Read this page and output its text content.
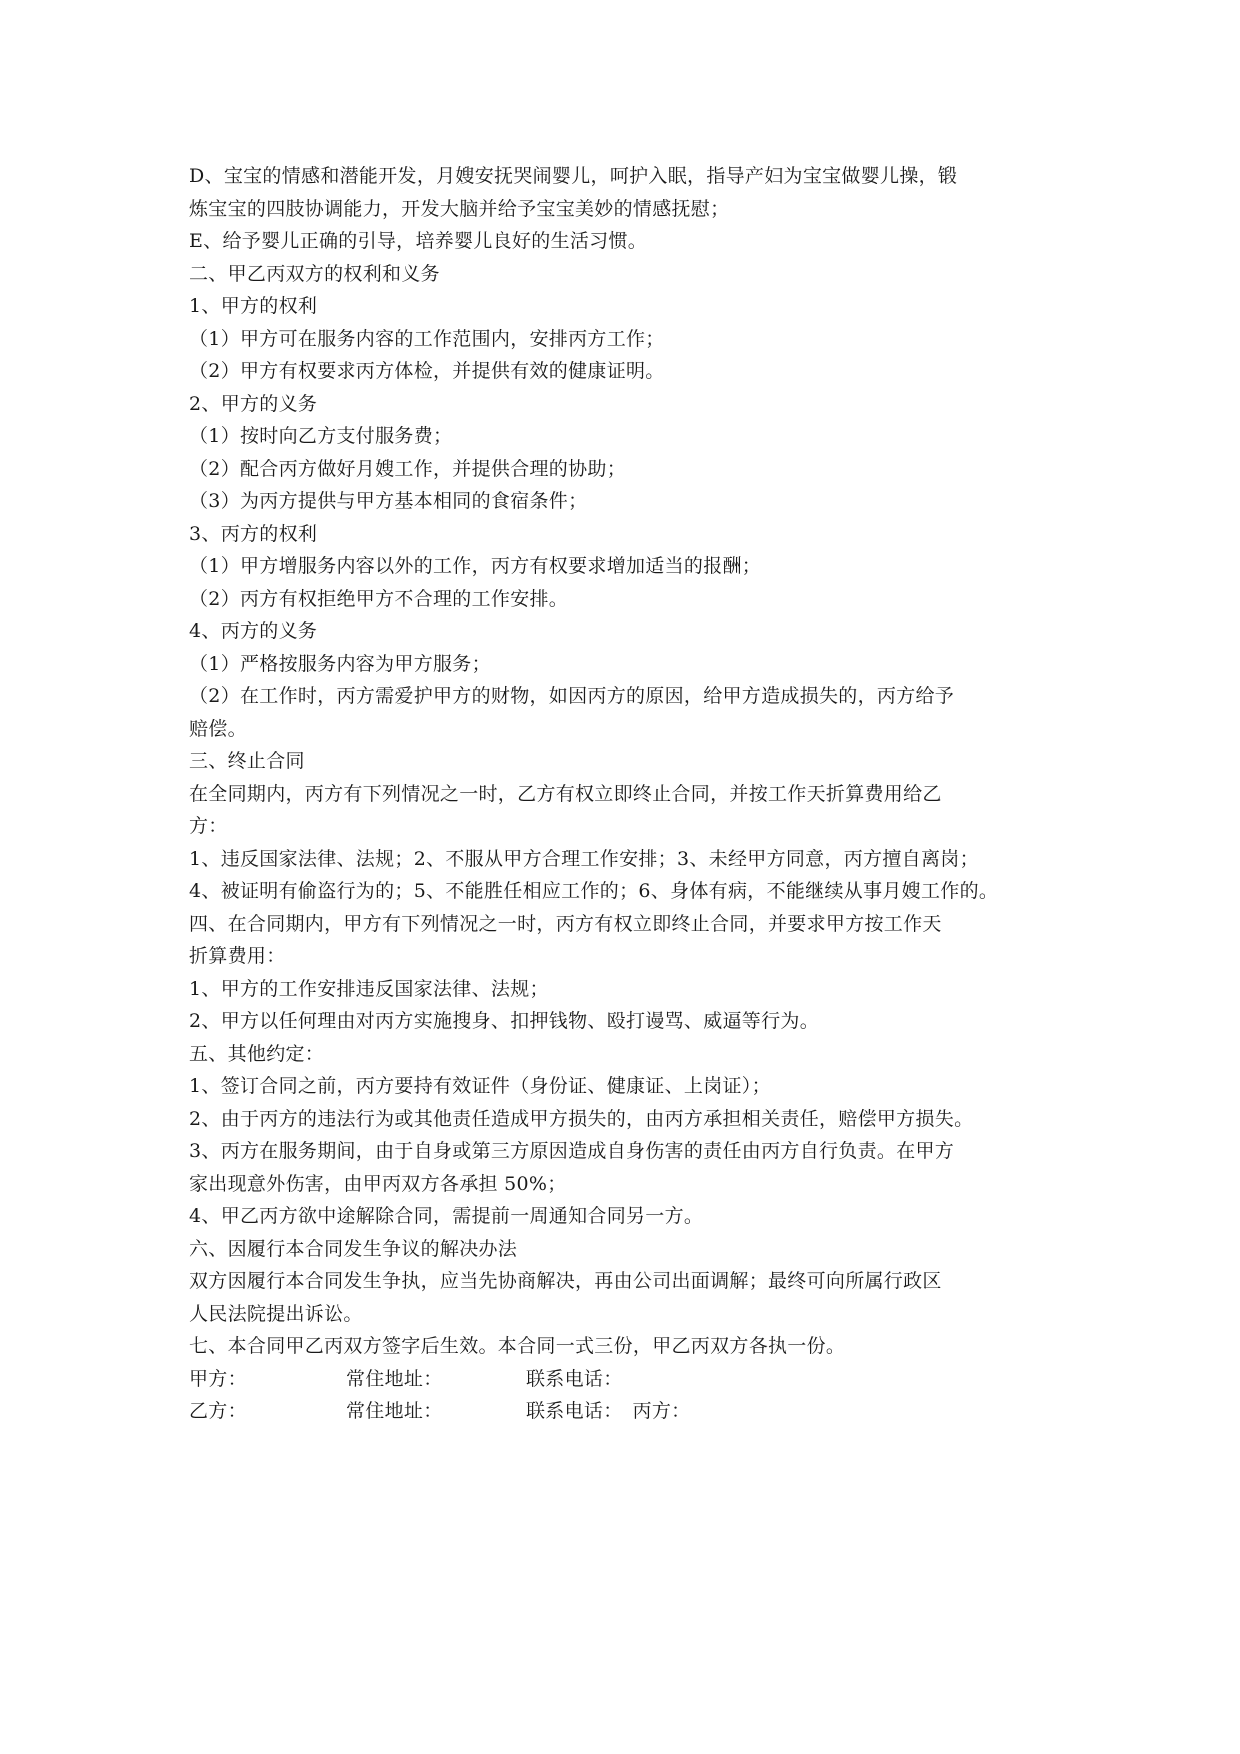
D、宝宝的情感和潜能开发，月嫂安抚哭闹婴儿，呵护入眠，指导产妇为宝宝做婴儿操，锻
炼宝宝的四肢协调能力，开发大脑并给予宝宝美妙的情感抚慰；
E、给予婴儿正确的引导，培养婴儿良好的生活习惯。
二、甲乙丙双方的权利和义务
1、甲方的权利
（1）甲方可在服务内容的工作范围内，安排丙方工作；
（2）甲方有权要求丙方体检，并提供有效的健康证明。
2、甲方的义务
（1）按时向乙方支付服务费；
（2）配合丙方做好月嫂工作，并提供合理的协助；
（3）为丙方提供与甲方基本相同的食宿条件；
3、丙方的权利
（1）甲方增服务内容以外的工作，丙方有权要求增加适当的报酬；
（2）丙方有权拒绝甲方不合理的工作安排。
4、丙方的义务
（1）严格按服务内容为甲方服务；
（2）在工作时，丙方需爱护甲方的财物，如因丙方的原因，给甲方造成损失的，丙方给予
赔偿。
三、终止合同
在全同期内，丙方有下列情况之一时，乙方有权立即终止合同，并按工作天折算费用给乙
方：
1、违反国家法律、法规；2、不服从甲方合理工作安排；3、未经甲方同意，丙方擅自离岗；
4、被证明有偷盗行为的；5、不能胜任相应工作的；6、身体有病，不能继续从事月嫂工作的。
四、在合同期内，甲方有下列情况之一时，丙方有权立即终止合同，并要求甲方按工作天
折算费用：
1、甲方的工作安排违反国家法律、法规；
2、甲方以任何理由对丙方实施搜身、扣押钱物、殴打谩骂、威逼等行为。
五、其他约定：
1、签订合同之前，丙方要持有效证件（身份证、健康证、上岗证）；
2、由于丙方的违法行为或其他责任造成甲方损失的，由丙方承担相关责任，赔偿甲方损失。
3、丙方在服务期间，由于自身或第三方原因造成自身伤害的责任由丙方自行负责。在甲方
家出现意外伤害，由甲丙双方各承担 50%；
4、甲乙丙方欲中途解除合同，需提前一周通知合同另一方。
六、因履行本合同发生争议的解决办法
双方因履行本合同发生争执，应当先协商解决，再由公司出面调解；最终可向所属行政区
人民法院提出诉讼。
七、本合同甲乙丙双方签字后生效。本合同一式三份，甲乙丙双方各执一份。
甲方：	常住地址：	联系电话：
乙方：	常住地址：	联系电话： 丙方：
